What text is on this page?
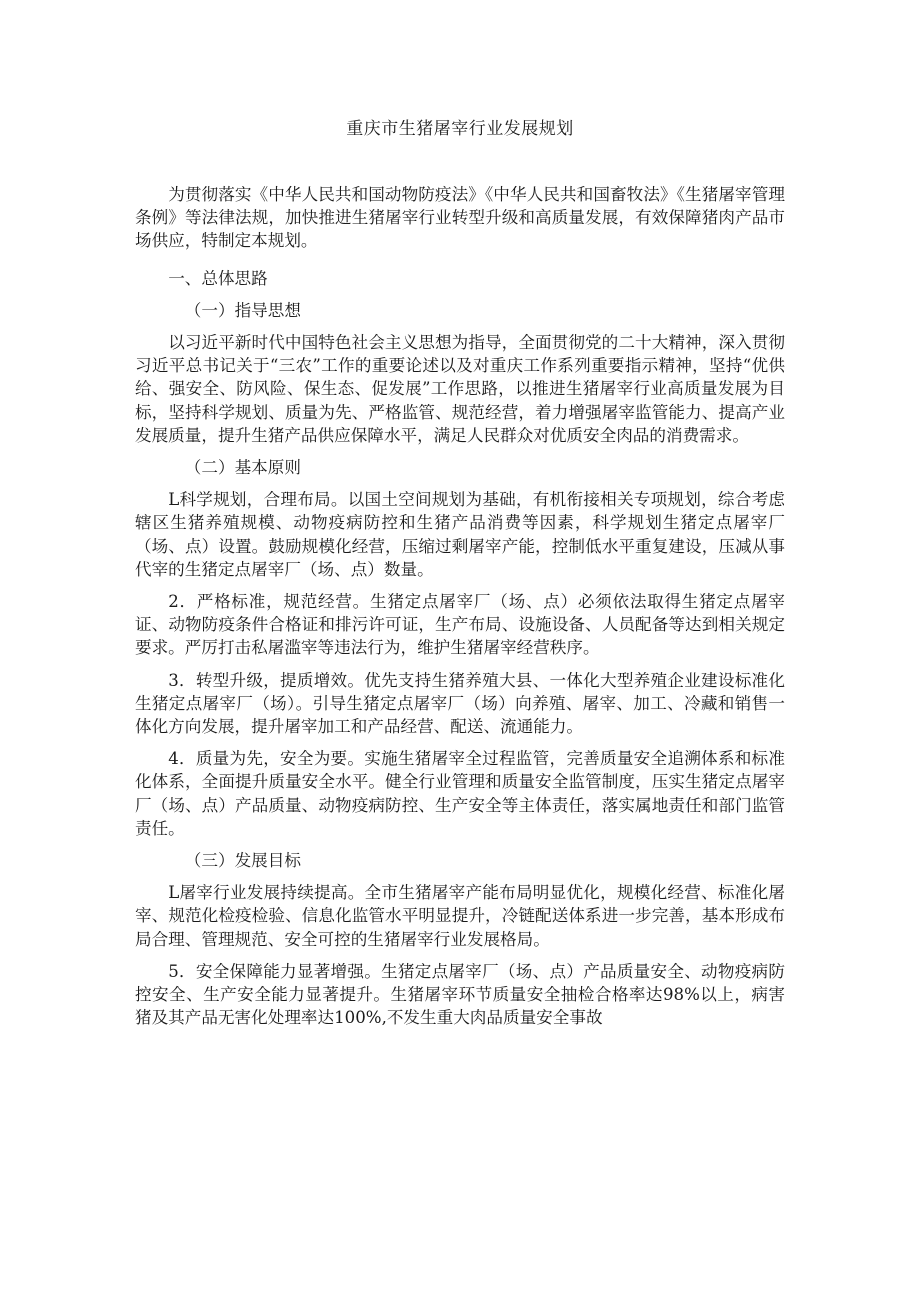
重庆市生猪屠宰行业发展规划

为贯彻落实《中华人民共和国动物防疫法》《中华人民共和国畜牧法》《生猪屠宰管理条例》等法律法规，加快推进生猪屠宰行业转型升级和高质量发展，有效保障猪肉产品市场供应，特制定本规划。

一、总体思路

（一）指导思想

以习近平新时代中国特色社会主义思想为指导，全面贯彻党的二十大精神，深入贯彻习近平总书记关于“三农”工作的重要论述以及对重庆工作系列重要指示精神，坚持“优供给、强安全、防风险、保生态、促发展”工作思路，以推进生猪屠宰行业高质量发展为目标，坚持科学规划、质量为先、严格监管、规范经营，着力增强屠宰监管能力、提高产业发展质量，提升生猪产品供应保障水平，满足人民群众对优质安全肉品的消费需求。

（二）基本原则

L科学规划，合理布局。以国土空间规划为基础，有机衔接相关专项规划，综合考虑辖区生猪养殖规模、动物疫病防控和生猪产品消费等因素，科学规划生猪定点屠宰厂（场、点）设置。鼓励规模化经营，压缩过剩屠宰产能，控制低水平重复建设，压减从事代宰的生猪定点屠宰厂（场、点）数量。

2．严格标准，规范经营。生猪定点屠宰厂（场、点）必须依法取得生猪定点屠宰证、动物防疫条件合格证和排污许可证，生产布局、设施设备、人员配备等达到相关规定要求。严厉打击私屠滥宰等违法行为，维护生猪屠宰经营秩序。

3．转型升级，提质增效。优先支持生猪养殖大县、一体化大型养殖企业建设标准化生猪定点屠宰厂（场）。引导生猪定点屠宰厂（场）向养殖、屠宰、加工、冷藏和销售一体化方向发展，提升屠宰加工和产品经营、配送、流通能力。

4．质量为先，安全为要。实施生猪屠宰全过程监管，完善质量安全追溯体系和标准化体系，全面提升质量安全水平。健全行业管理和质量安全监管制度，压实生猪定点屠宰厂（场、点）产品质量、动物疫病防控、生产安全等主体责任，落实属地责任和部门监管责任。

（三）发展目标

L屠宰行业发展持续提高。全市生猪屠宰产能布局明显优化，规模化经营、标准化屠宰、规范化检疫检验、信息化监管水平明显提升，冷链配送体系进一步完善，基本形成布局合理、管理规范、安全可控的生猪屠宰行业发展格局。

5．安全保障能力显著增强。生猪定点屠宰厂（场、点）产品质量安全、动物疫病防控安全、生产安全能力显著提升。生猪屠宰环节质量安全抽检合格率达98%以上，病害猪及其产品无害化处理率达100%,不发生重大肉品质量安全事故
